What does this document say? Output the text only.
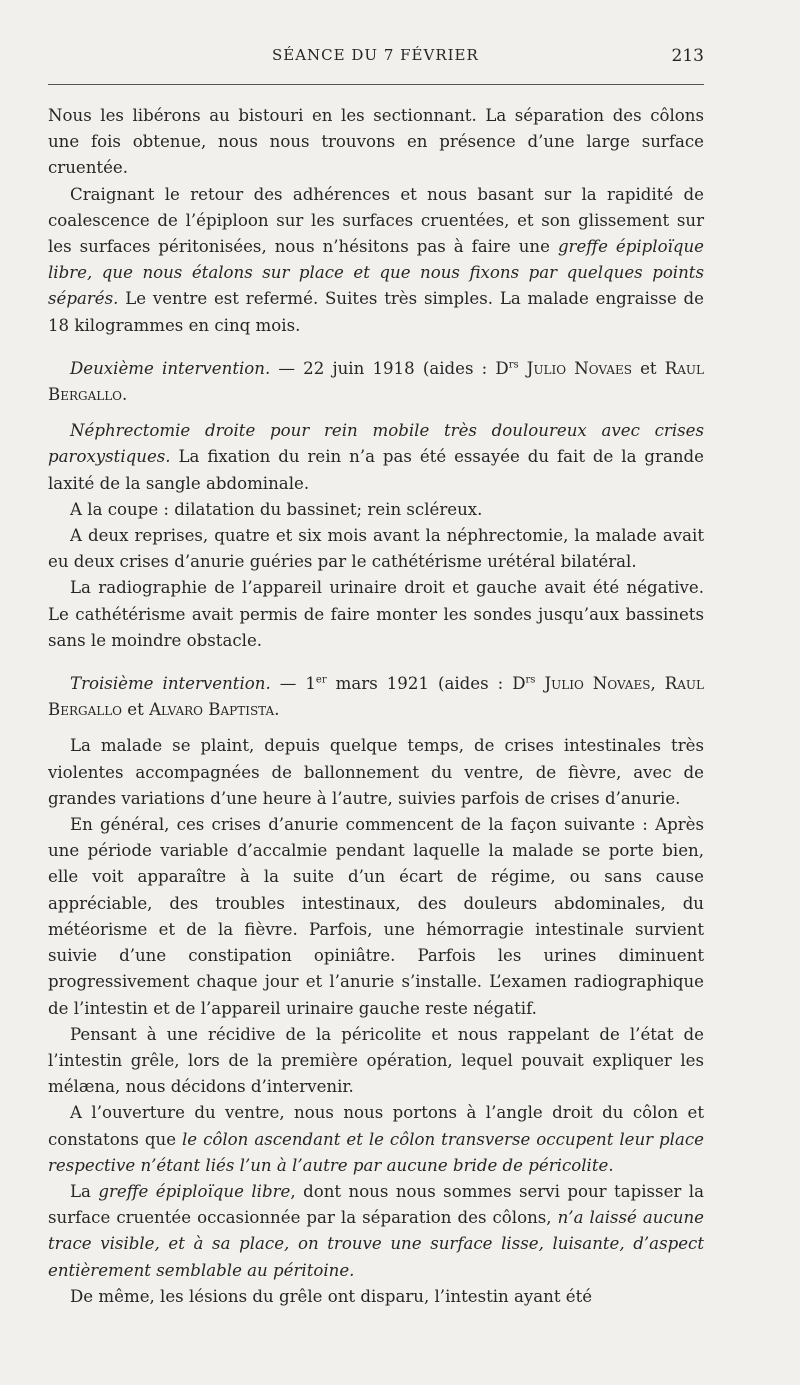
SÉANCE DU 7 FÉVRIER	213

Nous les libérons au bistouri en les sectionnant. La séparation des côlons une fois obtenue, nous nous trouvons en présence d’une large surface cruentée.

Craignant le retour des adhérences et nous basant sur la rapidité de coalescence de l’épiploon sur les surfaces cruentées, et son glissement sur les surfaces péritonisées, nous n’hésitons pas à faire une greffe épiploïque libre, que nous étalons sur place et que nous fixons par quelques points séparés. Le ventre est refermé. Suites très simples. La malade engraisse de 18 kilogrammes en cinq mois.

Deuxième intervention. — 22 juin 1918 (aides : $D^{rs}$ Julio Novaes et Raul Bergallo.

Néphrectomie droite pour rein mobile très douloureux avec crises paroxystiques. La fixation du rein n’a pas été essayée du fait de la grande laxité de la sangle abdominale.

A la coupe : dilatation du bassinet; rein scléreux.

A deux reprises, quatre et six mois avant la néphrectomie, la malade avait eu deux crises d’anurie guéries par le cathétérisme urétéral bilatéral.

La radiographie de l’appareil urinaire droit et gauche avait été négative. Le cathétérisme avait permis de faire monter les sondes jusqu’aux bassinets sans le moindre obstacle.

Troisième intervention. — 1er mars 1921 (aides : $D^{rs}$ Julio Novaes, Raul Bergallo et Alvaro Baptista.

La malade se plaint, depuis quelque temps, de crises intestinales très violentes accompagnées de ballonnement du ventre, de fièvre, avec de grandes variations d’une heure à l’autre, suivies parfois de crises d’anurie.

En général, ces crises d’anurie commencent de la façon suivante : Après une période variable d’accalmie pendant laquelle la malade se porte bien, elle voit apparaître à la suite d’un écart de régime, ou sans cause appréciable, des troubles intestinaux, des douleurs abdominales, du météorisme et de la fièvre. Parfois, une hémorragie intestinale survient suivie d’une constipation opiniâtre. Parfois les urines diminuent progressivement chaque jour et l’anurie s’installe. L’examen radiographique de l’intestin et de l’appareil urinaire gauche reste négatif.

Pensant à une récidive de la péricolite et nous rappelant de l’état de l’intestin grêle, lors de la première opération, lequel pouvait expliquer les mélæna, nous décidons d’intervenir.

A l’ouverture du ventre, nous nous portons à l’angle droit du côlon et constatons que le côlon ascendant et le côlon transverse occupent leur place respective n’étant liés l’un à l’autre par aucune bride de péricolite.

La greffe épiploïque libre, dont nous nous sommes servi pour tapisser la surface cruentée occasionnée par la séparation des côlons, n’a laissé aucune trace visible, et à sa place, on trouve une surface lisse, luisante, d’aspect entièrement semblable au péritoine.

De même, les lésions du grêle ont disparu, l’intestin ayant été
